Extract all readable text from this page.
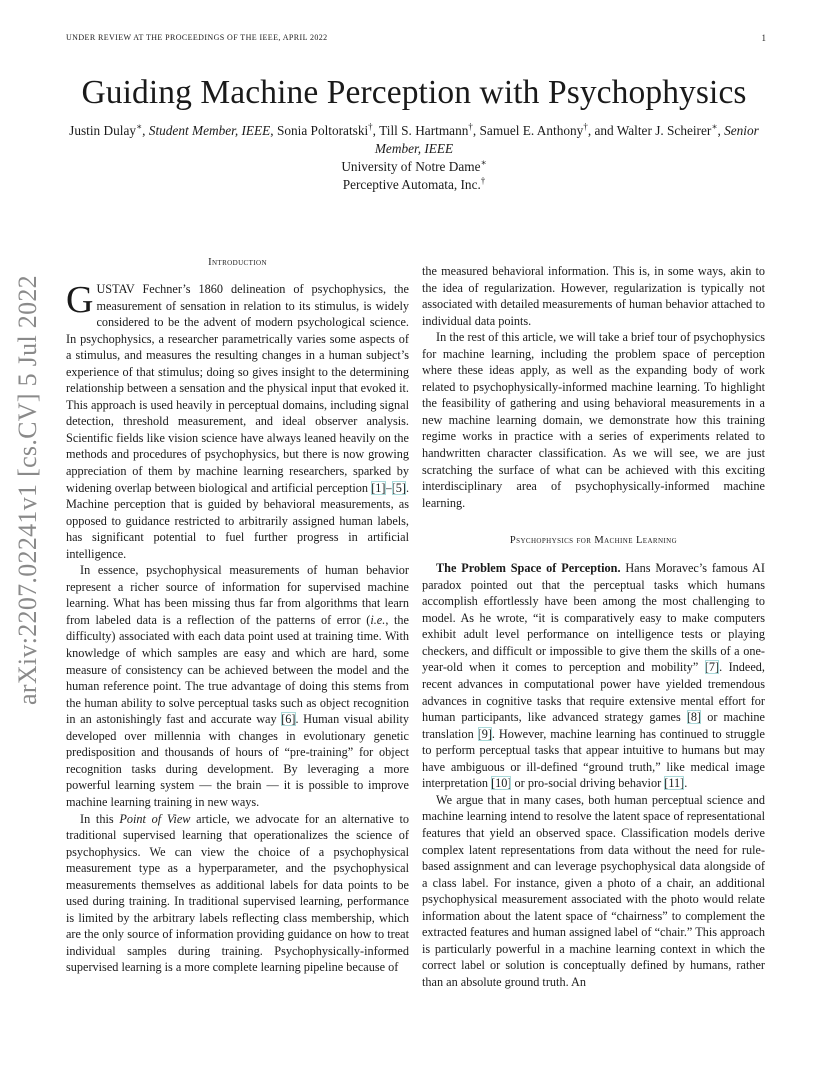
UNDER REVIEW AT THE PROCEEDINGS OF THE IEEE, APRIL 2022	1
Guiding Machine Perception with Psychophysics
Justin Dulay∗, Student Member, IEEE, Sonia Poltoratski†, Till S. Hartmann†, Samuel E. Anthony†, and Walter J. Scheirer∗, Senior Member, IEEE
University of Notre Dame∗
Perceptive Automata, Inc.†
arXiv:2207.02241v1 [cs.CV] 5 Jul 2022

Introduction

GUSTAV Fechner’s 1860 delineation of psychophysics, the measurement of sensation in relation to its stimulus, is widely considered to be the advent of modern psychological science. In psychophysics, a researcher parametrically varies some aspects of a stimulus, and measures the resulting changes in a human subject’s experience of that stimulus; doing so gives insight to the determining relationship between a sensation and the physical input that evoked it. This approach is used heavily in perceptual domains, including signal detection, threshold measurement, and ideal observer analysis. Scientific fields like vision science have always leaned heavily on the methods and procedures of psychophysics, but there is now growing appreciation of them by machine learning researchers, sparked by widening overlap between biological and artificial perception [1]–[5]. Machine perception that is guided by behavioral measurements, as opposed to guidance restricted to arbitrarily assigned human labels, has significant potential to fuel further progress in artificial intelligence.

In essence, psychophysical measurements of human behavior represent a richer source of information for supervised machine learning. What has been missing thus far from algorithms that learn from labeled data is a reflection of the patterns of error (i.e., the difficulty) associated with each data point used at training time. With knowledge of which samples are easy and which are hard, some measure of consistency can be achieved between the model and the human reference point. The true advantage of doing this stems from the human ability to solve perceptual tasks such as object recognition in an astonishingly fast and accurate way [6]. Human visual ability developed over millennia with changes in evolutionary genetic predisposition and thousands of hours of “pre-training” for object recognition tasks during development. By leveraging a more powerful learning system — the brain — it is possible to improve machine learning training in new ways.

In this Point of View article, we advocate for an alternative to traditional supervised learning that operationalizes the science of psychophysics. We can view the choice of a psychophysical measurement type as a hyperparameter, and the psychophysical measurements themselves as additional labels for data points to be used during training. In traditional supervised learning, performance is limited by the arbitrary labels reflecting class membership, which are the only source of information providing guidance on how to treat individual samples during training. Psychophysically-informed supervised learning is a more complete learning pipeline because of

the measured behavioral information. This is, in some ways, akin to the idea of regularization. However, regularization is typically not associated with detailed measurements of human behavior attached to individual data points.

In the rest of this article, we will take a brief tour of psychophysics for machine learning, including the problem space of perception where these ideas apply, as well as the expanding body of work related to psychophysically-informed machine learning. To highlight the feasibility of gathering and using behavioral measurements in a new machine learning domain, we demonstrate how this training regime works in practice with a series of experiments related to handwritten character classification. As we will see, we are just scratching the surface of what can be achieved with this exciting interdisciplinary area of psychophysically-informed machine learning.

Psychophysics for Machine Learning

The Problem Space of Perception. Hans Moravec’s famous AI paradox pointed out that the perceptual tasks which humans accomplish effortlessly have been among the most challenging to model. As he wrote, “it is comparatively easy to make computers exhibit adult level performance on intelligence tests or playing checkers, and difficult or impossible to give them the skills of a one-year-old when it comes to perception and mobility” [7]. Indeed, recent advances in computational power have yielded tremendous advances in cognitive tasks that require extensive mental effort for human participants, like advanced strategy games [8] or machine translation [9]. However, machine learning has continued to struggle to perform perceptual tasks that appear intuitive to humans but may have ambiguous or ill-defined “ground truth,” like medical image interpretation [10] or pro-social driving behavior [11].

We argue that in many cases, both human perceptual science and machine learning intend to resolve the latent space of representational features that yield an observed space. Classification models derive complex latent representations from data without the need for rule-based assignment and can leverage psychophysical data alongside of a class label. For instance, given a photo of a chair, an additional psychophysical measurement associated with the photo would relate information about the latent space of “chairness” to complement the extracted features and human assigned label of “chair.” This approach is particularly powerful in a machine learning context in which the correct label or solution is conceptually defined by humans, rather than an absolute ground truth. An
